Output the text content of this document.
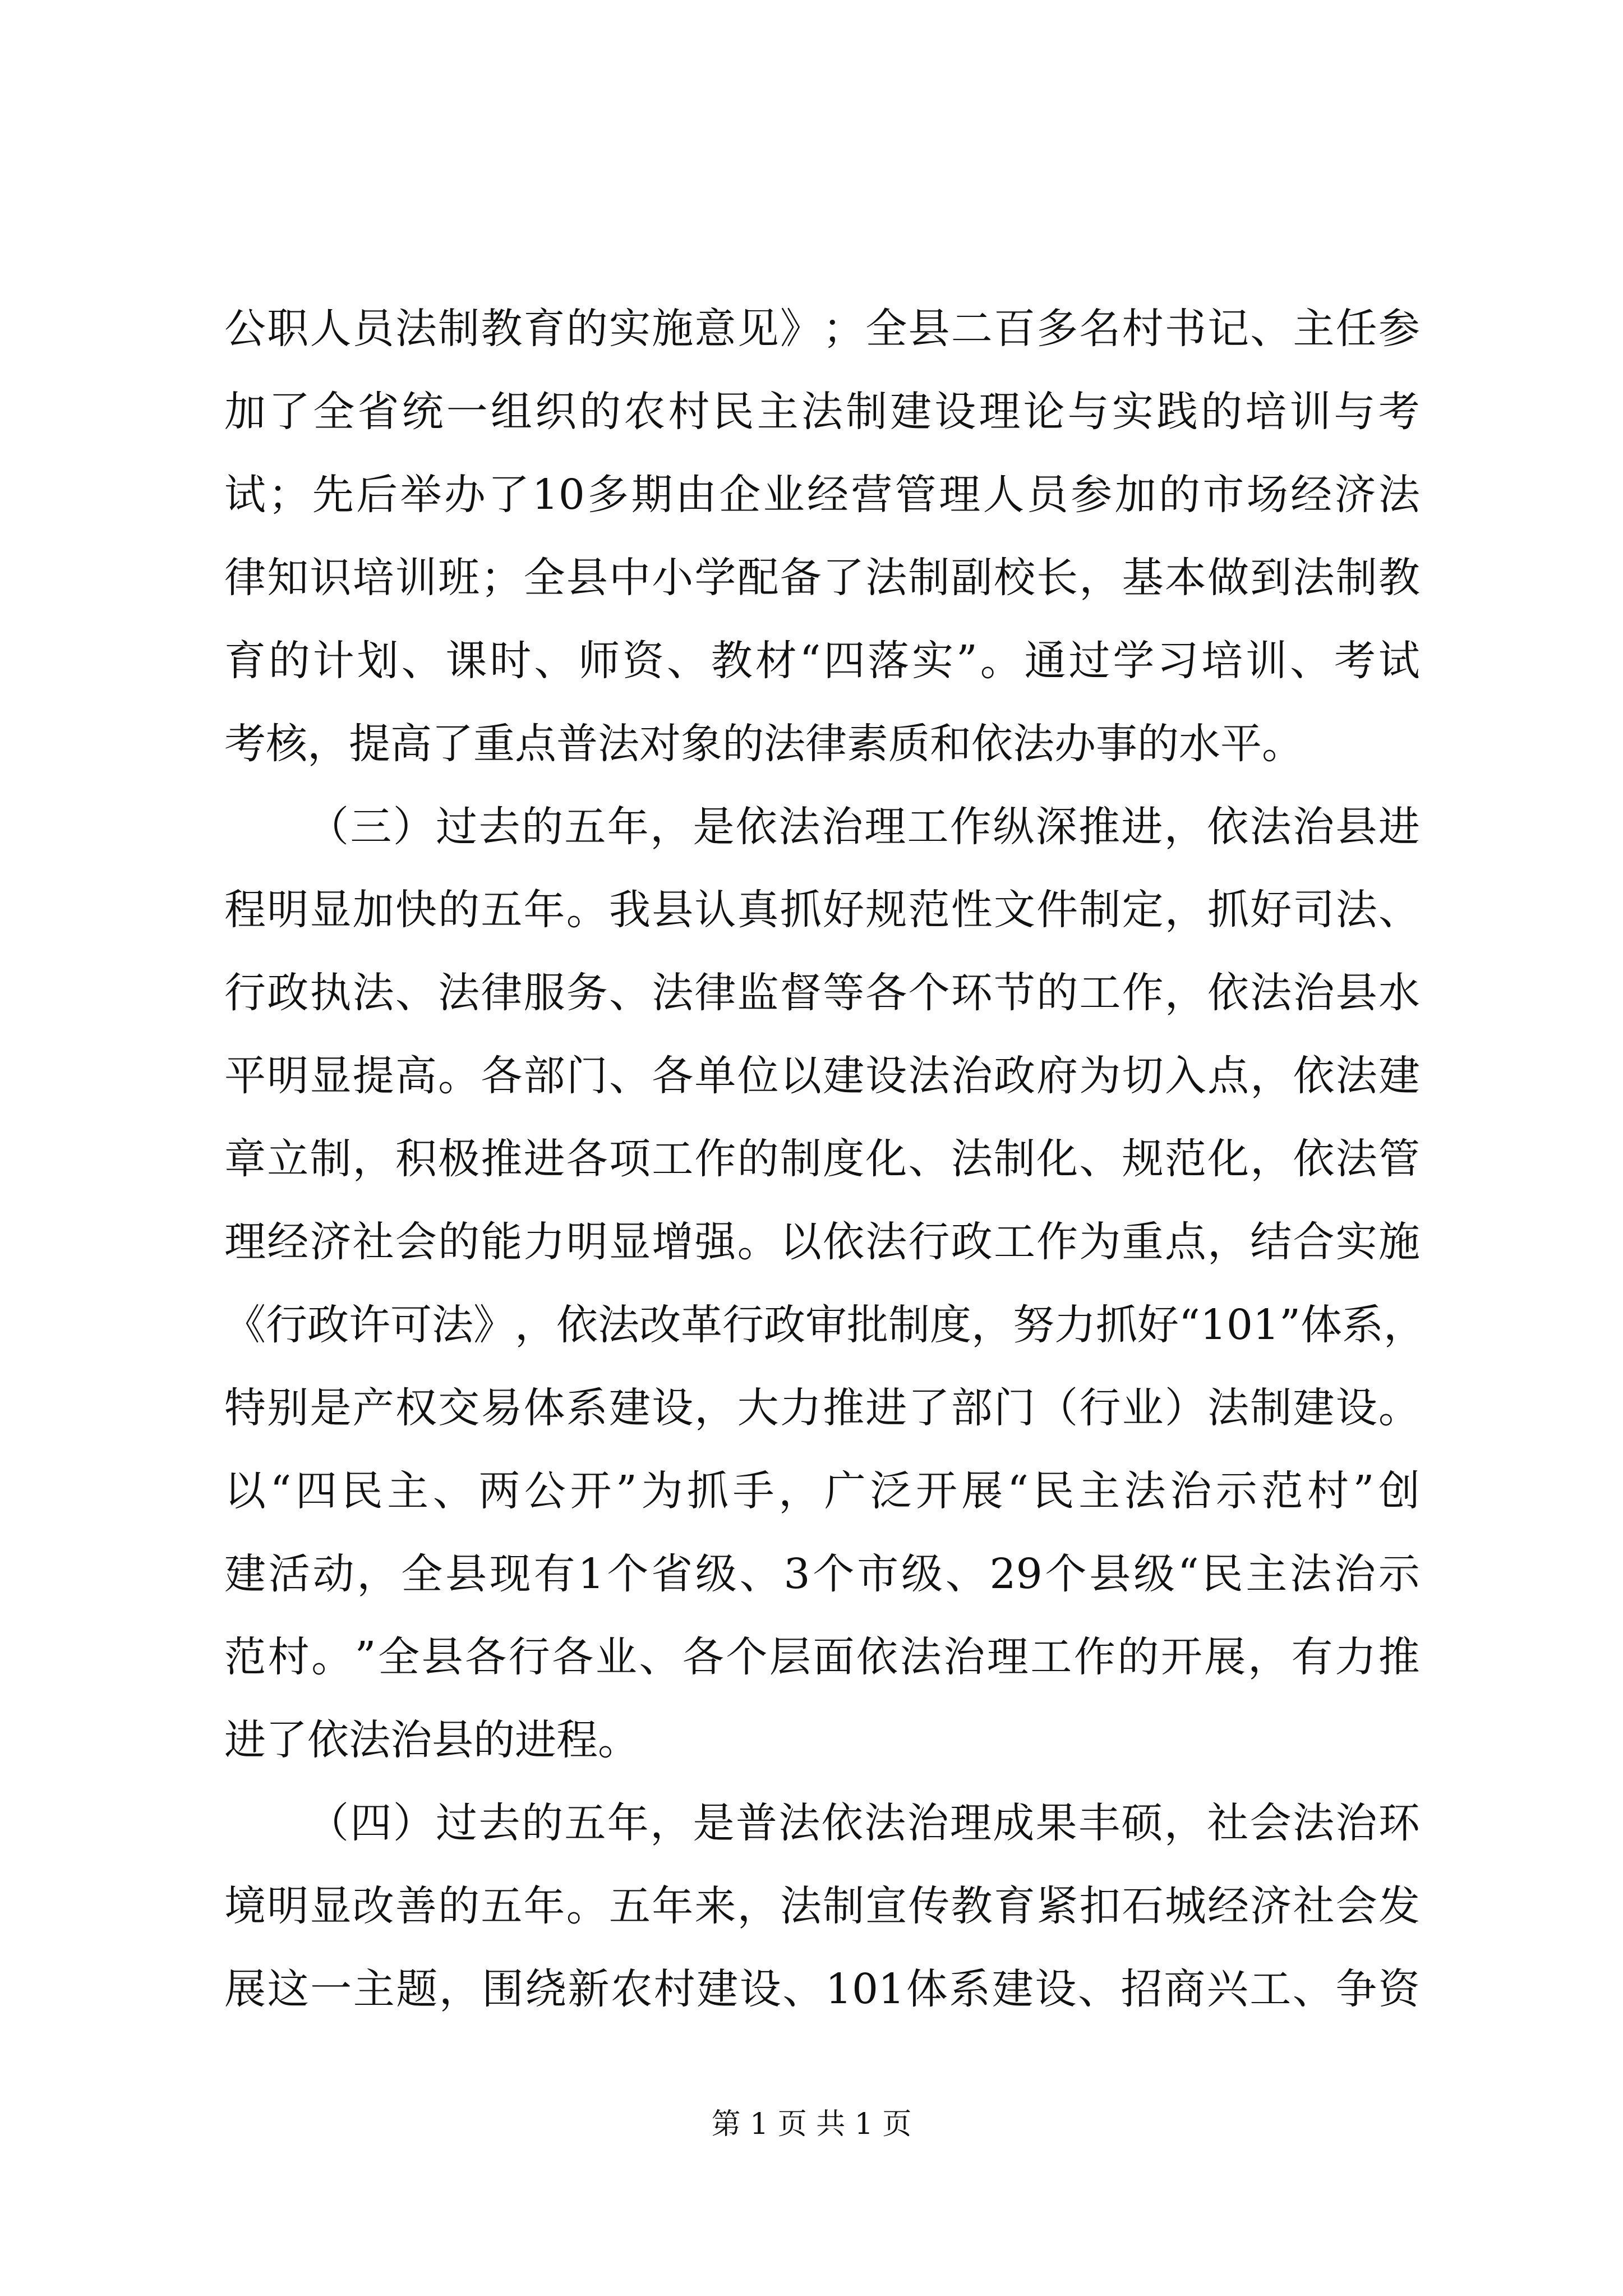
公 职 人 员 法 制 教 育 的 实 施 意 见 》 ； 全 县 二 百 多 名 村 书 记 、 主 任 参
加 了 全 省 统 一 组 织 的 农 村 民 主 法 制 建 设 理 论 与 实 践 的 培 训 与 考
试 ； 先 后 举 办 了 10 多 期 由 企 业 经 营 管 理 人 员 参 加 的 市 场 经 济 法
律 知 识 培 训 班 ； 全 县 中 小 学 配 备 了 法 制 副 校 长 ， 基 本 做 到 法 制 教
育 的 计 划 、 课 时 、 师 资 、 教 材 “ 四 落 实 ” 。 通 过 学 习 培 训 、 考 试
考核，提高了重点普法对象的法律素质和依法办事的水平。
（ 三 ） 过 去 的 五 年 ， 是 依 法 治 理 工 作 纵 深 推 进 ， 依 法 治 县 进
程 明 显 加 快 的 五 年 。 我 县 认 真 抓 好 规 范 性 文 件 制 定 ， 抓 好 司 法 、
行 政 执 法 、 法 律 服 务 、 法 律 监 督 等 各 个 环 节 的 工 作 ， 依 法 治 县 水
平 明 显 提 高 。 各 部 门 、 各 单 位 以 建 设 法 治 政 府 为 切 入 点 ， 依 法 建
章 立 制 ， 积 极 推 进 各 项 工 作 的 制 度 化 、 法 制 化 、 规 范 化 ， 依 法 管
理 经 济 社 会 的 能 力 明 显 增 强 。 以 依 法 行 政 工 作 为 重 点 ， 结 合 实 施
《 行 政 许 可 法 》 ， 依 法 改 革 行 政 审 批 制 度 ， 努 力 抓 好 “ 101 ” 体 系 ，
特 别 是 产 权 交 易 体 系 建 设 ， 大 力 推 进 了 部 门 （ 行 业 ） 法 制 建 设 。
以 “ 四 民 主 、 两 公 开 ” 为 抓 手 ， 广 泛 开 展 “ 民 主 法 治 示 范 村 ” 创
建 活 动 ， 全 县 现 有 1 个 省 级 、 3 个 市 级 、 29 个 县 级 “ 民 主 法 治 示
范 村 。 ” 全 县 各 行 各 业 、 各 个 层 面 依 法 治 理 工 作 的 开 展 ， 有 力 推
进了依法治县的进程。
（ 四 ） 过 去 的 五 年 ， 是 普 法 依 法 治 理 成 果 丰 硕 ， 社 会 法 治 环
境 明 显 改 善 的 五 年 。 五 年 来 ， 法 制 宣 传 教 育 紧 扣 石 城 经 济 社 会 发
展 这 一 主 题 ， 围 绕 新 农 村 建 设 、 101 体 系 建 设 、 招 商 兴 工 、 争 资
第 1 页 共 1 页
